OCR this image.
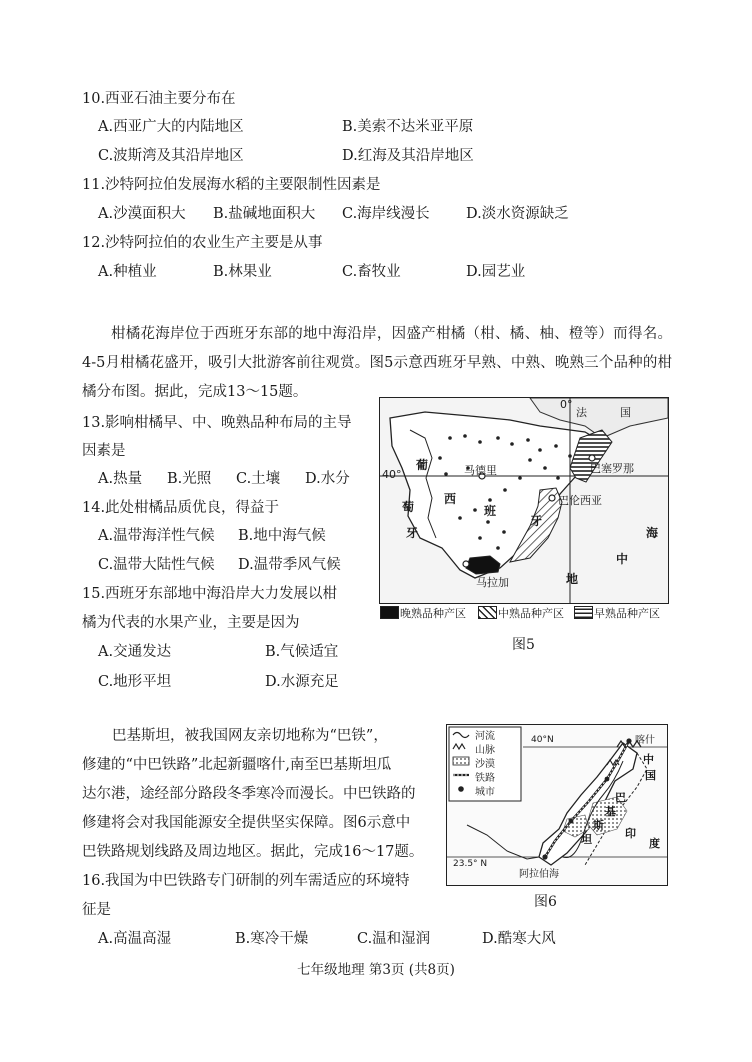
10.西亚石油主要分布在
A.西亚广大的内陆地区	B.美索不达米亚平原
C.波斯湾及其沿岸地区	D.红海及其沿岸地区
11.沙特阿拉伯发展海水稻的主要限制性因素是
A.沙漠面积大 B.盐碱地面积大 C.海岸线漫长	D.淡水资源缺乏
12.沙特阿拉伯的农业生产主要是从事
A.种植业	B.林果业	C.畜牧业	D.园艺业
柑橘花海岸位于西班牙东部的地中海沿岸，因盛产柑橘（柑、橘、柚、橙等）而得名。4-5月柑橘花盛开，吸引大批游客前往观赏。图5示意西班牙早熟、中熟、晚熟三个品种的柑橘分布图。据此，完成13～15题。
13.影响柑橘早、中、晚熟品种布局的主导
因素是
A.热量 B.光照 C.土壤 D.水分
14.此处柑橘品质优良，得益于
A.温带海洋性气候 B.地中海气候
C.温带大陆性气候 D.温带季风气候
15.西班牙东部地中海沿岸大力发展以柑
橘为代表的水果产业，主要是因为
A.交通发达	B.气候适宜
C.地形平坦	D.水源充足
法	国
0°
40°
葡
萄
牙
西
班
牙
马德里	巴塞罗那
巴伦西亚
马拉加	地
中
海
晚熟品种产区	中熟品种产区	早熟品种产区
图5
巴基斯坦，被我国网友亲切地称为“巴铁”，
修建的“中巴铁路”北起新疆喀什,南至巴基斯坦瓜
达尔港，途经部分路段冬季寒冷而漫长。中巴铁路的
修建将会对我国能源安全提供坚实保障。图6示意中
巴铁路规划线路及周边地区。据此，完成16～17题。
16.我国为中巴铁路专门研制的列车需适应的环境特
征是
A.高温高湿	B.寒冷干燥	C.温和湿润	D.酷寒大风
河流
山脉
沙漠
铁路
城市
40°N	喀什
中
国
巴
基
斯
坦	印
度
23.5° N
阿拉伯海
图6
七年级地理 第3页 (共8页)
